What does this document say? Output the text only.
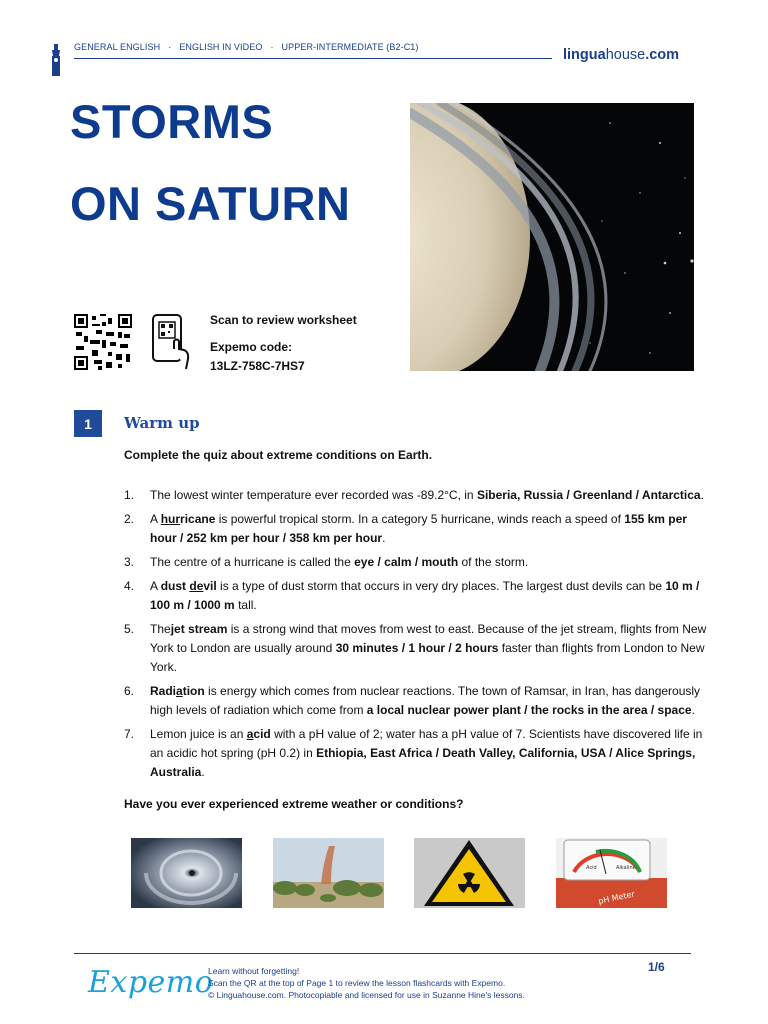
GENERAL ENGLISH · ENGLISH IN VIDEO · UPPER-INTERMEDIATE (B2-C1)	linguahouse.com
STORMS
ON SATURN
Scan to review worksheet
Expemo code:
13LZ-758C-7HS7
1	Warm up
Complete the quiz about extreme conditions on Earth.
1. The lowest winter temperature ever recorded was -89.2°C, in Siberia, Russia / Greenland / Antarctica.
2. A hurricane is powerful tropical storm. In a category 5 hurricane, winds reach a speed of 155 km per hour / 252 km per hour / 358 km per hour.
3. The centre of a hurricane is called the eye / calm / mouth of the storm.
4. A dust devil is a type of dust storm that occurs in very dry places. The largest dust devils can be 10 m / 100 m / 1000 m tall.
5. Thejet stream is a strong wind that moves from west to east. Because of the jet stream, flights from New York to London are usually around 30 minutes / 1 hour / 2 hours faster than flights from London to New York.
6. Radiation is energy which comes from nuclear reactions. The town of Ramsar, in Iran, has dangerously high levels of radiation which come from a local nuclear power plant / the rocks in the area / space.
7. Lemon juice is an acid with a pH value of 2; water has a pH value of 7. Scientists have discovered life in an acidic hot spring (pH 0.2) in Ethiopia, East Africa / Death Valley, California, USA / Alice Springs, Australia.
Have you ever experienced extreme weather or conditions?
Acid	Alkaline
pH Meter
Expemo
Learn without forgetting!
Scan the QR at the top of Page 1 to review the lesson flashcards with Expemo.
© Linguahouse.com. Photocopiable and licensed for use in Suzanne Hine's lessons.
1/6
